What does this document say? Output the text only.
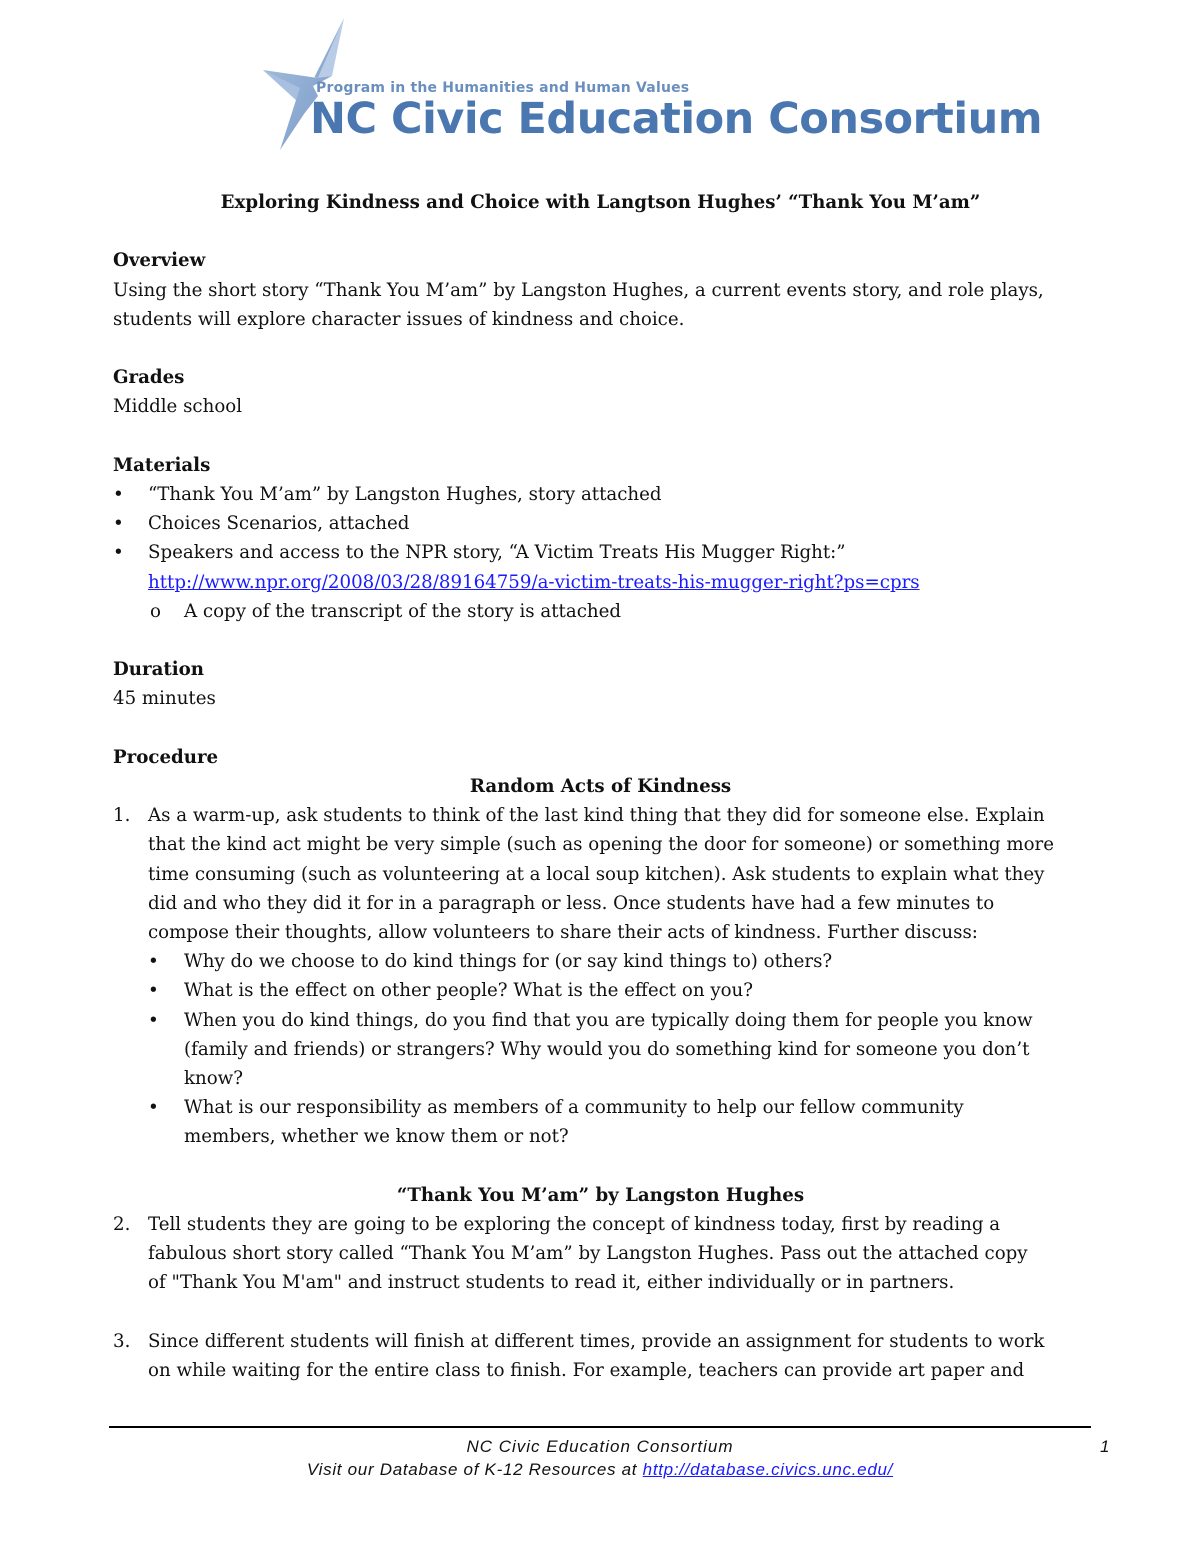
Program in the Humanities and Human Values
NC Civic Education Consortium

Exploring Kindness and Choice with Langtson Hughes’ “Thank You M’am”

Overview

Using the short story “Thank You M’am” by Langston Hughes, a current events story, and role plays,

students will explore character issues of kindness and choice.

Grades

Middle school

Materials

• “Thank You M’am” by Langston Hughes, story attached
• Choices Scenarios, attached
• Speakers and access to the NPR story, “A Victim Treats His Mugger Right:”
http://www.npr.org/2008/03/28/89164759/a-victim-treats-his-mugger-right?ps=cprs
o A copy of the transcript of the story is attached

Duration

45 minutes

Procedure

Random Acts of Kindness

1. As a warm-up, ask students to think of the last kind thing that they did for someone else. Explain
that the kind act might be very simple (such as opening the door for someone) or something more
time consuming (such as volunteering at a local soup kitchen). Ask students to explain what they
did and who they did it for in a paragraph or less. Once students have had a few minutes to
compose their thoughts, allow volunteers to share their acts of kindness. Further discuss:
• Why do we choose to do kind things for (or say kind things to) others?
• What is the effect on other people? What is the effect on you?
• When you do kind things, do you find that you are typically doing them for people you know
(family and friends) or strangers? Why would you do something kind for someone you don’t
know?
• What is our responsibility as members of a community to help our fellow community
members, whether we know them or not?

“Thank You M’am” by Langston Hughes

2. Tell students they are going to be exploring the concept of kindness today, first by reading a
fabulous short story called “Thank You M’am” by Langston Hughes. Pass out the attached copy
of "Thank You M'am" and instruct students to read it, either individually or in partners.
3. Since different students will finish at different times, provide an assignment for students to work
on while waiting for the entire class to finish. For example, teachers can provide art paper and
NC Civic Education Consortium	1
Visit our Database of K-12 Resources at http://database.civics.unc.edu/
